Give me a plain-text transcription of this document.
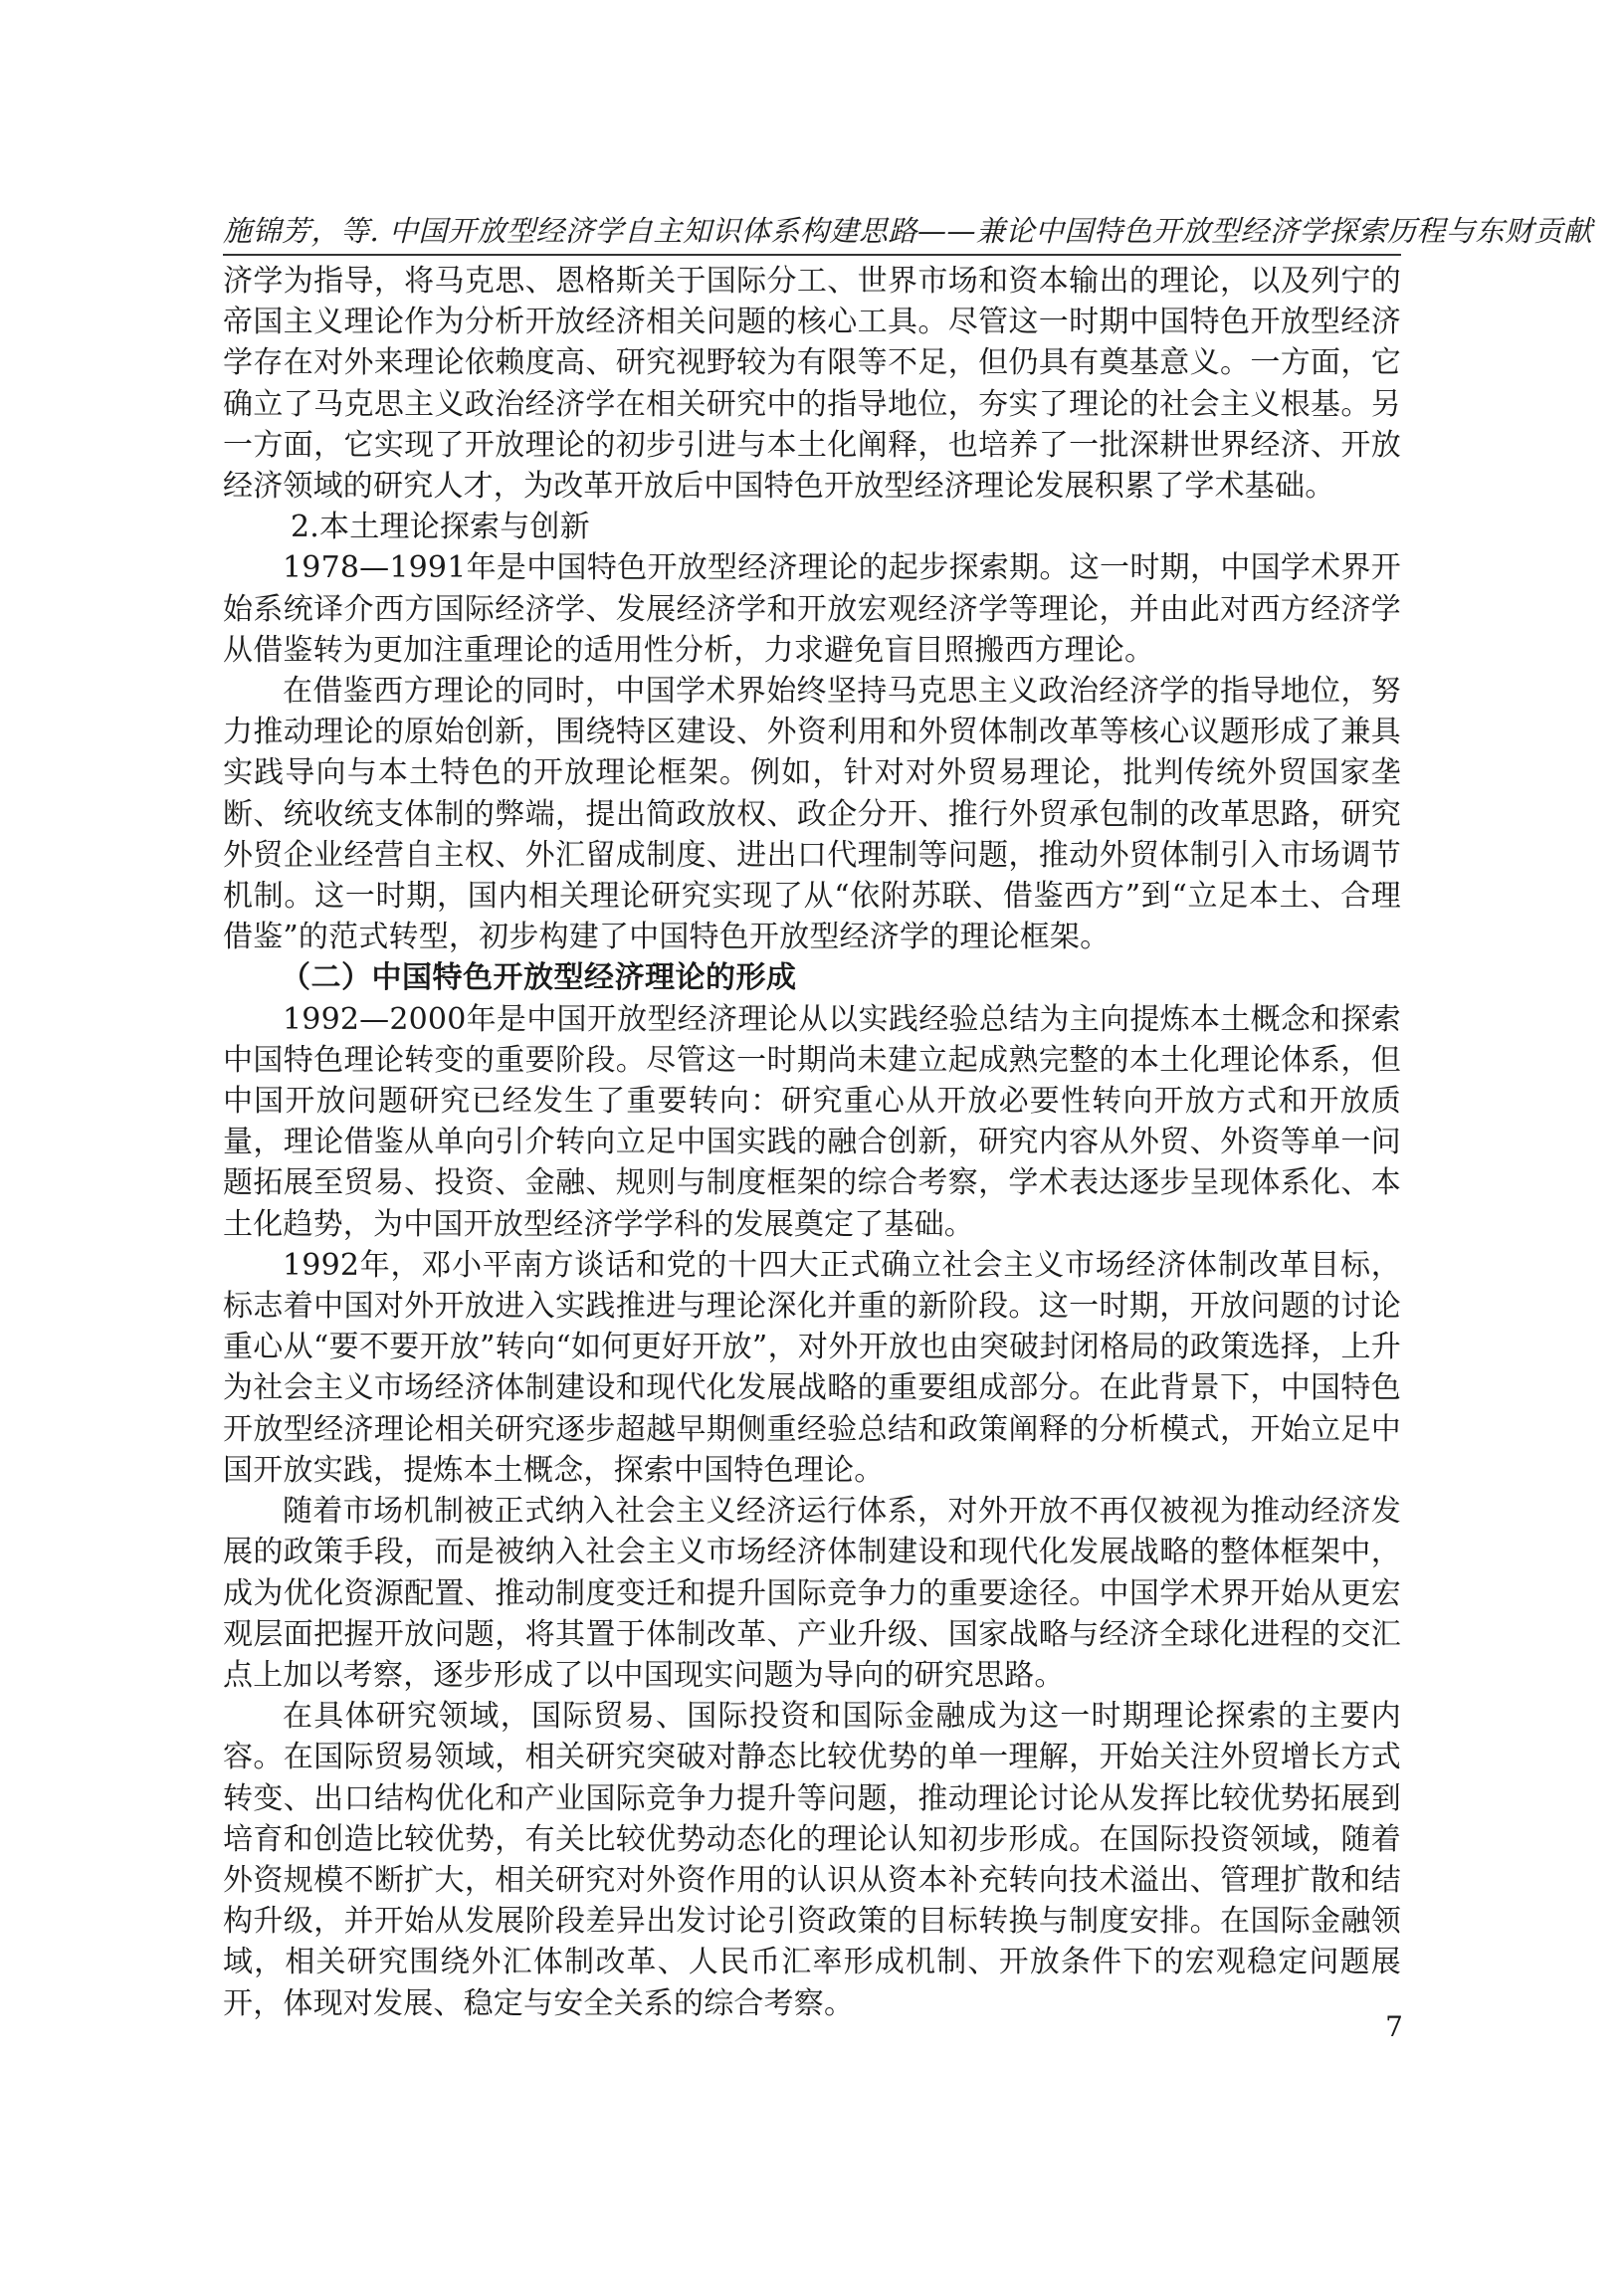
施锦芳，等. 中国开放型经济学自主知识体系构建思路——兼论中国特色开放型经济学探索历程与东财贡献

济学为指导，将马克思、恩格斯关于国际分工、世界市场和资本输出的理论，以及列宁的帝国主义理论作为分析开放经济相关问题的核心工具。尽管这一时期中国特色开放型经济学存在对外来理论依赖度高、研究视野较为有限等不足，但仍具有奠基意义。一方面，它确立了马克思主义政治经济学在相关研究中的指导地位，夯实了理论的社会主义根基。另一方面，它实现了开放理论的初步引进与本土化阐释，也培养了一批深耕世界经济、开放经济领域的研究人才，为改革开放后中国特色开放型经济理论发展积累了学术基础。

2.本土理论探索与创新

1978—1991年是中国特色开放型经济理论的起步探索期。这一时期，中国学术界开始系统译介西方国际经济学、发展经济学和开放宏观经济学等理论，并由此对西方经济学从借鉴转为更加注重理论的适用性分析，力求避免盲目照搬西方理论。

在借鉴西方理论的同时，中国学术界始终坚持马克思主义政治经济学的指导地位，努力推动理论的原始创新，围绕特区建设、外资利用和外贸体制改革等核心议题形成了兼具实践导向与本土特色的开放理论框架。例如，针对对外贸易理论，批判传统外贸国家垄断、统收统支体制的弊端，提出简政放权、政企分开、推行外贸承包制的改革思路，研究外贸企业经营自主权、外汇留成制度、进出口代理制等问题，推动外贸体制引入市场调节机制。这一时期，国内相关理论研究实现了从“依附苏联、借鉴西方”到“立足本土、合理借鉴”的范式转型，初步构建了中国特色开放型经济学的理论框架。

（二）中国特色开放型经济理论的形成

1992—2000年是中国开放型经济理论从以实践经验总结为主向提炼本土概念和探索中国特色理论转变的重要阶段。尽管这一时期尚未建立起成熟完整的本土化理论体系，但中国开放问题研究已经发生了重要转向：研究重心从开放必要性转向开放方式和开放质量，理论借鉴从单向引介转向立足中国实践的融合创新，研究内容从外贸、外资等单一问题拓展至贸易、投资、金融、规则与制度框架的综合考察，学术表达逐步呈现体系化、本土化趋势，为中国开放型经济学学科的发展奠定了基础。

1992年，邓小平南方谈话和党的十四大正式确立社会主义市场经济体制改革目标，标志着中国对外开放进入实践推进与理论深化并重的新阶段。这一时期，开放问题的讨论重心从“要不要开放”转向“如何更好开放”，对外开放也由突破封闭格局的政策选择，上升为社会主义市场经济体制建设和现代化发展战略的重要组成部分。在此背景下，中国特色开放型经济理论相关研究逐步超越早期侧重经验总结和政策阐释的分析模式，开始立足中国开放实践，提炼本土概念，探索中国特色理论。

随着市场机制被正式纳入社会主义经济运行体系，对外开放不再仅被视为推动经济发展的政策手段，而是被纳入社会主义市场经济体制建设和现代化发展战略的整体框架中，成为优化资源配置、推动制度变迁和提升国际竞争力的重要途径。中国学术界开始从更宏观层面把握开放问题，将其置于体制改革、产业升级、国家战略与经济全球化进程的交汇点上加以考察，逐步形成了以中国现实问题为导向的研究思路。

在具体研究领域，国际贸易、国际投资和国际金融成为这一时期理论探索的主要内容。在国际贸易领域，相关研究突破对静态比较优势的单一理解，开始关注外贸增长方式转变、出口结构优化和产业国际竞争力提升等问题，推动理论讨论从发挥比较优势拓展到培育和创造比较优势，有关比较优势动态化的理论认知初步形成。在国际投资领域，随着外资规模不断扩大，相关研究对外资作用的认识从资本补充转向技术溢出、管理扩散和结构升级，并开始从发展阶段差异出发讨论引资政策的目标转换与制度安排。在国际金融领域，相关研究围绕外汇体制改革、人民币汇率形成机制、开放条件下的宏观稳定问题展开，体现对发展、稳定与安全关系的综合考察。

7
